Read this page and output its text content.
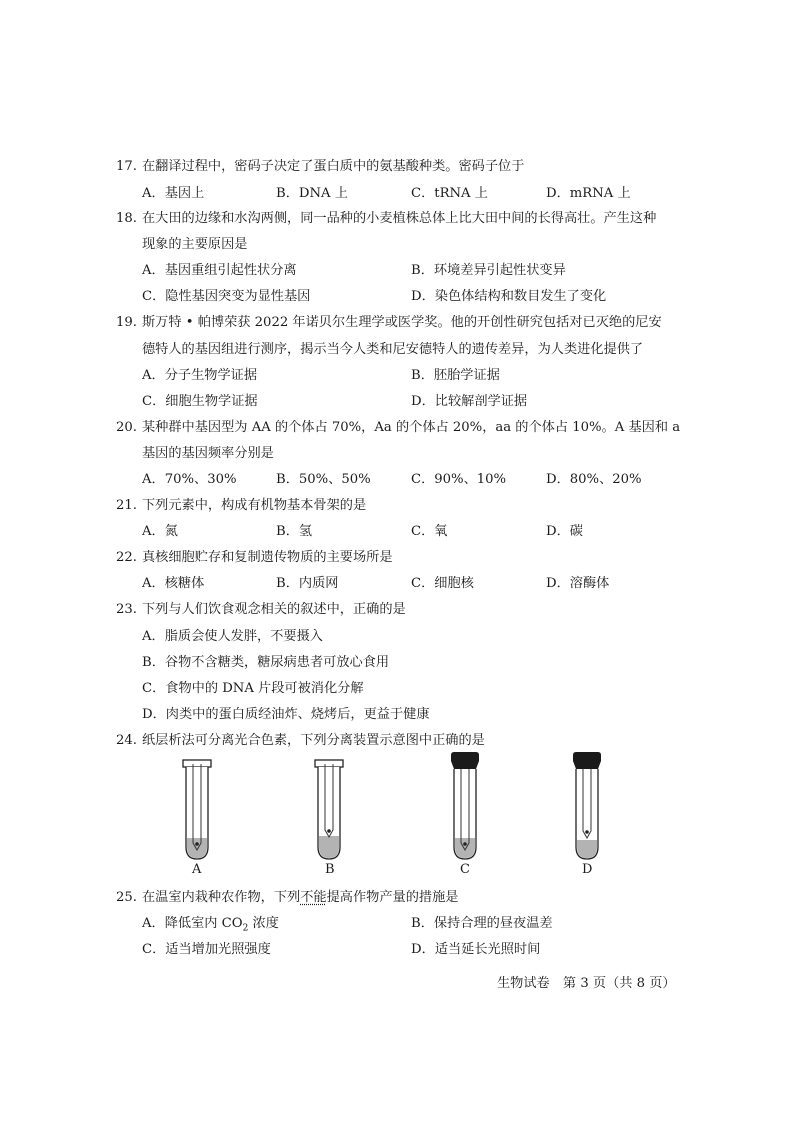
17. 在翻译过程中，密码子决定了蛋白质中的氨基酸种类。密码子位于
A．基因上	B．DNA 上	C．tRNA 上	D．mRNA 上
18. 在大田的边缘和水沟两侧，同一品种的小麦植株总体上比大田中间的长得高壮。产生这种
现象的主要原因是
A．基因重组引起性状分离	B．环境差异引起性状变异
C．隐性基因突变为显性基因	D．染色体结构和数目发生了变化
19. 斯万特 • 帕博荣获 2022 年诺贝尔生理学或医学奖。他的开创性研究包括对已灭绝的尼安
德特人的基因组进行测序，揭示当今人类和尼安德特人的遗传差异，为人类进化提供了
A．分子生物学证据	B．胚胎学证据
C．细胞生物学证据	D．比较解剖学证据
20. 某种群中基因型为 AA 的个体占 70%，Aa 的个体占 20%，aa 的个体占 10%。A 基因和 a
基因的基因频率分别是
A．70%、30%	B．50%、50%	C．90%、10%	D．80%、20%
21. 下列元素中，构成有机物基本骨架的是
A．氮	B．氢	C．氧	D．碳
22. 真核细胞贮存和复制遗传物质的主要场所是
A．核糖体	B．内质网	C．细胞核	D．溶酶体
23. 下列与人们饮食观念相关的叙述中，正确的是
A．脂质会使人发胖，不要摄入
B．谷物不含糖类，糖尿病患者可放心食用
C．食物中的 DNA 片段可被消化分解
D．肉类中的蛋白质经油炸、烧烤后，更益于健康
24. 纸层析法可分离光合色素，下列分离装置示意图中正确的是
A	B	C	D
25. 在温室内栽种农作物，下列不能提高作物产量的措施是
A．降低室内 $CO_2$ 浓度	B．保持合理的昼夜温差
C．适当增加光照强度	D．适当延长光照时间
生物试卷　第 3 页（共 8 页）
